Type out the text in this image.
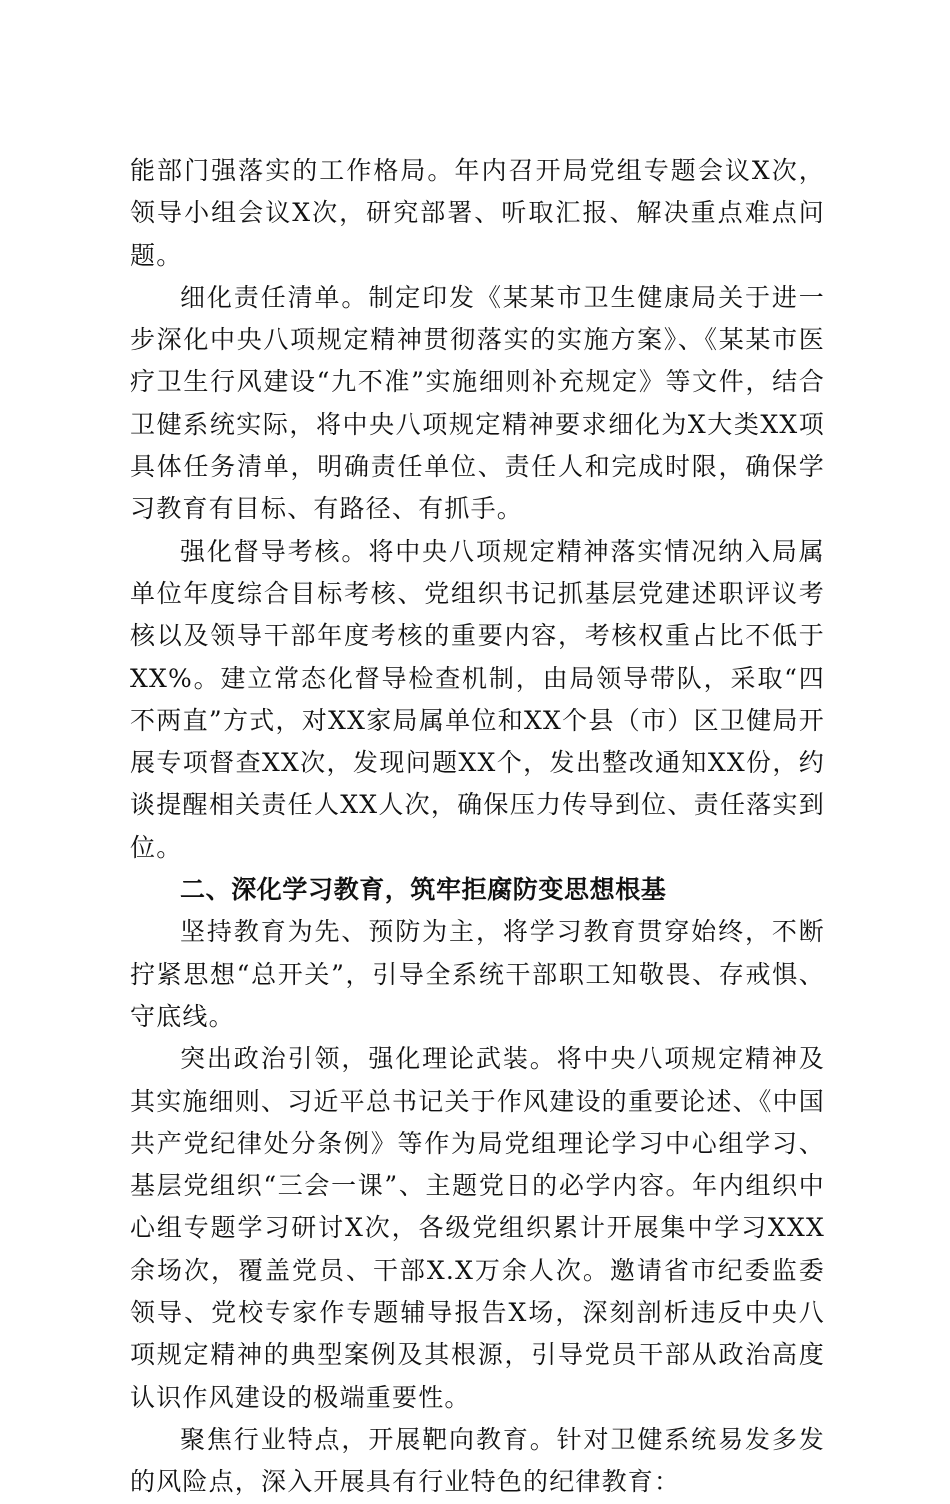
能部门强落实的工作格局。年内召开局党组专题会议X次，领导小组会议X次，研究部署、听取汇报、解决重点难点问题。

细化责任清单。制定印发《某某市卫生健康局关于进一步深化中央八项规定精神贯彻落实的实施方案》、《某某市医疗卫生行风建设“九不准”实施细则补充规定》等文件，结合卫健系统实际，将中央八项规定精神要求细化为X大类XX项具体任务清单，明确责任单位、责任人和完成时限，确保学习教育有目标、有路径、有抓手。

强化督导考核。将中央八项规定精神落实情况纳入局属单位年度综合目标考核、党组织书记抓基层党建述职评议考核以及领导干部年度考核的重要内容，考核权重占比不低于XX%。建立常态化督导检查机制，由局领导带队，采取“四不两直”方式，对XX家局属单位和XX个县（市）区卫健局开展专项督查XX次，发现问题XX个，发出整改通知XX份，约谈提醒相关责任人XX人次，确保压力传导到位、责任落实到位。

二、深化学习教育，筑牢拒腐防变思想根基

坚持教育为先、预防为主，将学习教育贯穿始终，不断拧紧思想“总开关”，引导全系统干部职工知敬畏、存戒惧、守底线。

突出政治引领，强化理论武装。将中央八项规定精神及其实施细则、习近平总书记关于作风建设的重要论述、《中国共产党纪律处分条例》等作为局党组理论学习中心组学习、基层党组织“三会一课”、主题党日的必学内容。年内组织中心组专题学习研讨X次，各级党组织累计开展集中学习XXX余场次，覆盖党员、干部X.X万余人次。邀请省市纪委监委领导、党校专家作专题辅导报告X场，深刻剖析违反中央八项规定精神的典型案例及其根源，引导党员干部从政治高度认识作风建设的极端重要性。

聚焦行业特点，开展靶向教育。针对卫健系统易发多发的风险点，深入开展具有行业特色的纪律教育：
